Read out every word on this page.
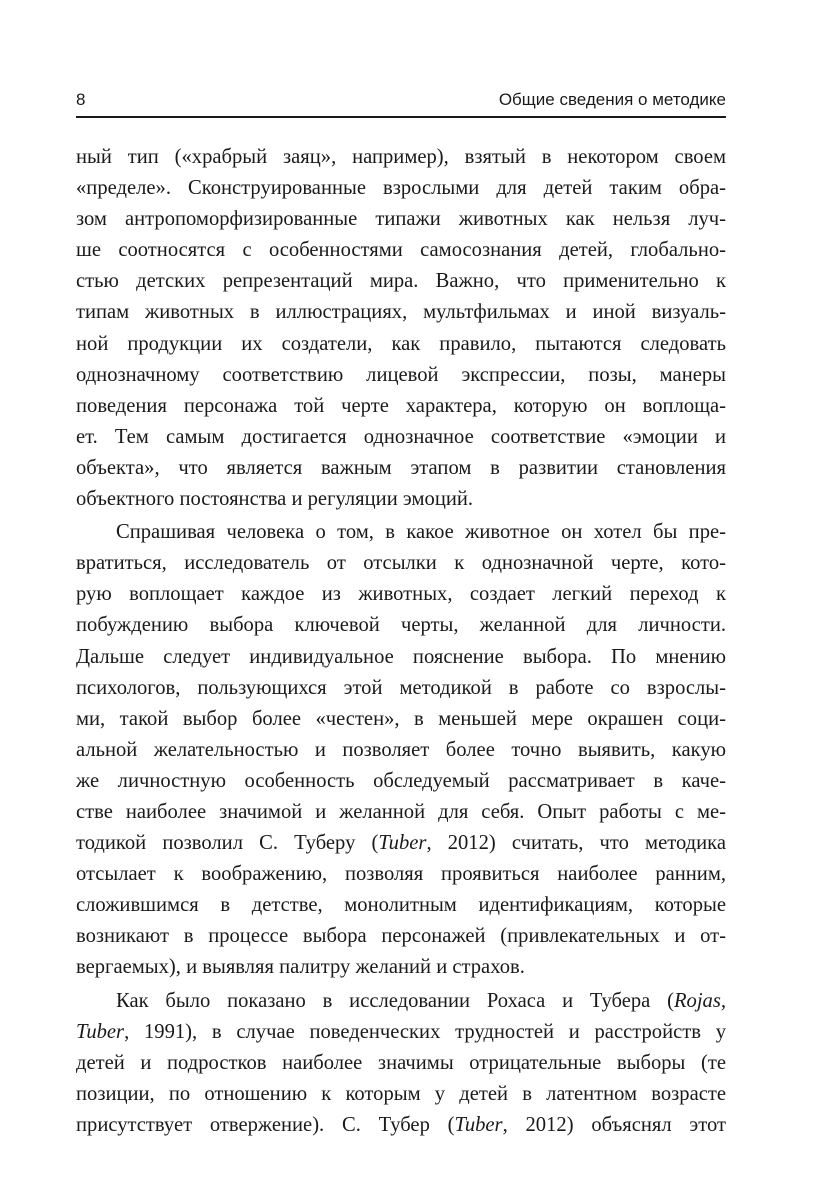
8	Общие сведения о методике

ный тип («храбрый заяц», например), взятый в некотором своем
«пределе». Сконструированные взрослыми для детей таким обра-
зом антропоморфизированные типажи животных как нельзя луч-
ше соотносятся с особенностями самосознания детей, глобально-
стью детских репрезентаций мира. Важно, что применительно к
типам животных в иллюстрациях, мультфильмах и иной визуаль-
ной продукции их создатели, как правило, пытаются следовать
однозначному соответствию лицевой экспрессии, позы, манеры
поведения персонажа той черте характера, которую он воплоща-
ет. Тем самым достигается однозначное соответствие «эмоции и
объекта», что является важным этапом в развитии становления
объектного постоянства и регуляции эмоций.

Спрашивая человека о том, в какое животное он хотел бы пре-
вратиться, исследователь от отсылки к однозначной черте, кото-
рую воплощает каждое из животных, создает легкий переход к
побуждению выбора ключевой черты, желанной для личности.
Дальше следует индивидуальное пояснение выбора. По мнению
психологов, пользующихся этой методикой в работе со взрослы-
ми, такой выбор более «честен», в меньшей мере окрашен соци-
альной желательностью и позволяет более точно выявить, какую
же личностную особенность обследуемый рассматривает в каче-
стве наиболее значимой и желанной для себя. Опыт работы с ме-
тодикой позволил С. Туберу (Tuber, 2012) считать, что методика
отсылает к воображению, позволяя проявиться наиболее ранним,
сложившимся в детстве, монолитным идентификациям, которые
возникают в процессе выбора персонажей (привлекательных и от-
вергаемых), и выявляя палитру желаний и страхов.

Как было показано в исследовании Рохаса и Тубера (Rojas,
Tuber, 1991), в случае поведенческих трудностей и расстройств у
детей и подростков наиболее значимы отрицательные выборы (те
позиции, по отношению к которым у детей в латентном возрасте
присутствует отвержение). С. Тубер (Tuber, 2012) объяснял этот
